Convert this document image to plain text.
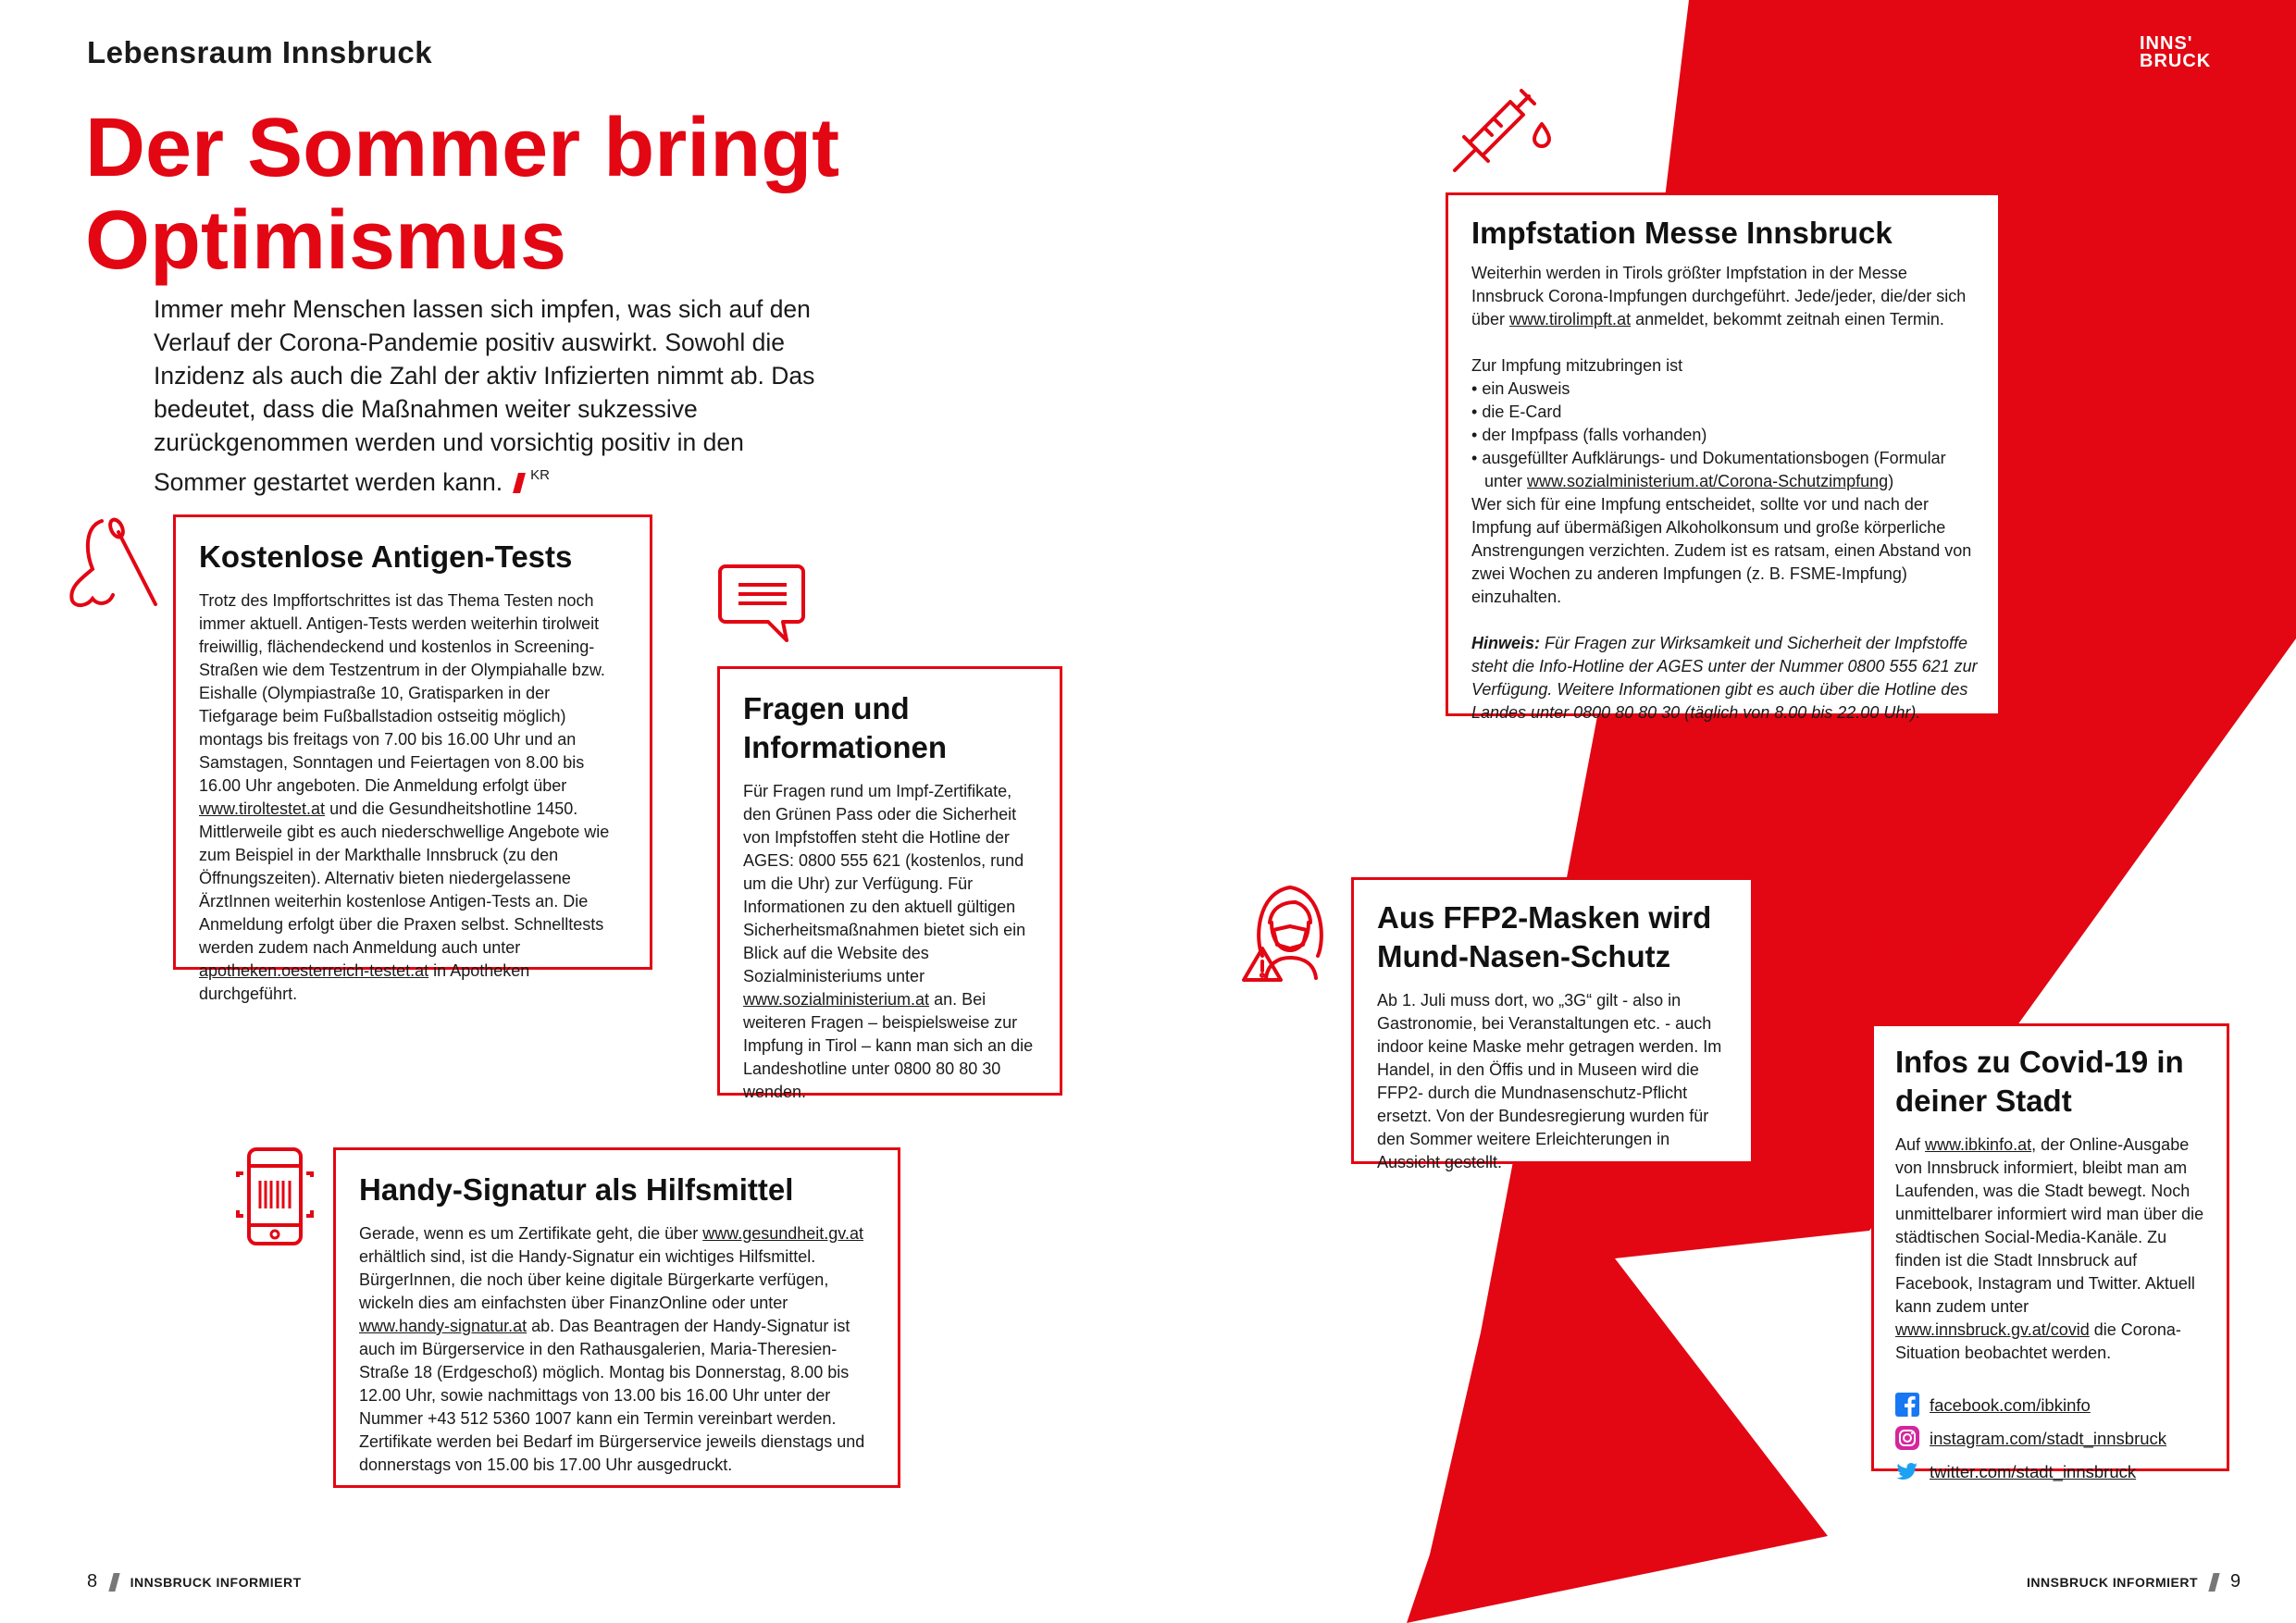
INNS'
BRUCK
Lebensraum Innsbruck
Der Sommer bringt
Optimismus

Immer mehr Menschen lassen sich impfen, was sich auf den Verlauf der Corona-Pandemie positiv auswirkt. Sowohl die Inzidenz als auch die Zahl der aktiv Infizierten nimmt ab. Das bedeutet, dass die Maßnahmen weiter sukzessive zurückgenommen werden und vorsichtig positiv in den Sommer gestartet werden kann. $^{KR}$

Kostenlose Antigen-Tests

Trotz des Impffortschrittes ist das Thema Testen noch immer aktuell. Antigen-Tests werden weiterhin tirolweit freiwillig, flächendeckend und kostenlos in Screening-Straßen wie dem Testzentrum in der Olympiahalle bzw. Eishalle (Olympiastraße 10, Gratisparken in der Tiefgarage beim Fußballstadion ostseitig möglich) montags bis freitags von 7.00 bis 16.00 Uhr und an Samstagen, Sonntagen und Feiertagen von 8.00 bis 16.00 Uhr angeboten. Die Anmeldung erfolgt über www.tiroltestet.at und die Gesundheitshotline 1450. Mittlerweile gibt es auch niederschwellige Angebote wie zum Beispiel in der Markthalle Innsbruck (zu den Öffnungszeiten). Alternativ bieten niedergelassene ÄrztInnen weiterhin kostenlose Antigen-Tests an. Die Anmeldung erfolgt über die Praxen selbst. Schnelltests werden zudem nach Anmeldung auch unter apotheken.oesterreich-testet.at in Apotheken durchgeführt.

Fragen und
Informationen

Für Fragen rund um Impf-Zertifikate, den Grünen Pass oder die Sicherheit von Impfstoffen steht die Hotline der AGES: 0800 555 621 (kostenlos, rund um die Uhr) zur Verfügung. Für Informationen zu den aktuell gültigen Sicherheitsmaßnahmen bietet sich ein Blick auf die Website des Sozialministeriums unter www.sozialministerium.at an. Bei weiteren Fragen – beispielsweise zur Impfung in Tirol – kann man sich an die Landeshotline unter 0800 80 80 30 wenden.

Handy-Signatur als Hilfsmittel

Gerade, wenn es um Zertifikate geht, die über www.gesundheit.gv.at erhältlich sind, ist die Handy-Signatur ein wichtiges Hilfsmittel. BürgerInnen, die noch über keine digitale Bürgerkarte verfügen, wickeln dies am einfachsten über FinanzOnline oder unter www.handy-signatur.at ab. Das Beantragen der Handy-Signatur ist auch im Bürgerservice in den Rathausgalerien, Maria-Theresien-Straße 18 (Erdgeschoß) möglich. Montag bis Donnerstag, 8.00 bis 12.00 Uhr, sowie nachmittags von 13.00 bis 16.00 Uhr unter der Nummer +43 512 5360 1007 kann ein Termin vereinbart werden. Zertifikate werden bei Bedarf im Bürgerservice jeweils dienstags und donnerstags von 15.00 bis 17.00 Uhr ausgedruckt.

Impfstation Messe Innsbruck

Weiterhin werden in Tirols größter Impfstation in der Messe Innsbruck Corona-Impfungen durchgeführt. Jede/jeder, die/der sich über www.tirolimpft.at anmeldet, bekommt zeitnah einen Termin.

Zur Impfung mitzubringen ist

• ein Ausweis
• die E-Card
• der Impfpass (falls vorhanden)
• ausgefüllter Aufklärungs- und Dokumentationsbogen (Formular unter www.sozialministerium.at/Corona-Schutzimpfung)

Wer sich für eine Impfung entscheidet, sollte vor und nach der Impfung auf übermäßigen Alkoholkonsum und große körperliche Anstrengungen verzichten. Zudem ist es ratsam, einen Abstand von zwei Wochen zu anderen Impfungen (z. B. FSME-Impfung) einzuhalten.

Hinweis: Für Fragen zur Wirksamkeit und Sicherheit der Impfstoffe steht die Info-Hotline der AGES unter der Nummer 0800 555 621 zur Verfügung. Weitere Informationen gibt es auch über die Hotline des Landes unter 0800 80 80 30 (täglich von 8.00 bis 22.00 Uhr).

Aus FFP2-Masken wird
Mund-Nasen-Schutz

Ab 1. Juli muss dort, wo „3G“ gilt - also in Gastronomie, bei Veranstaltungen etc. - auch indoor keine Maske mehr getragen werden. Im Handel, in den Öffis und in Museen wird die FFP2- durch die Mundnasenschutz-Pflicht ersetzt. Von der Bundesregierung wurden für den Sommer weitere Erleichterungen in Aussicht gestellt.

Infos zu Covid-19 in
deiner Stadt

Auf www.ibkinfo.at, der Online-Ausgabe von Innsbruck informiert, bleibt man am Laufenden, was die Stadt bewegt. Noch unmittelbarer informiert wird man über die städtischen Social-Media-Kanäle. Zu finden ist die Stadt Innsbruck auf Facebook, Instagram und Twitter. Aktuell kann zudem unter www.innsbruck.gv.at/covid die Corona-Situation beobachtet werden.

facebook.com/ibkinfo
instagram.com/stadt_innsbruck
twitter.com/stadt_innsbruck
8	INNSBRUCK INFORMIERT	INNSBRUCK INFORMIERT 9
